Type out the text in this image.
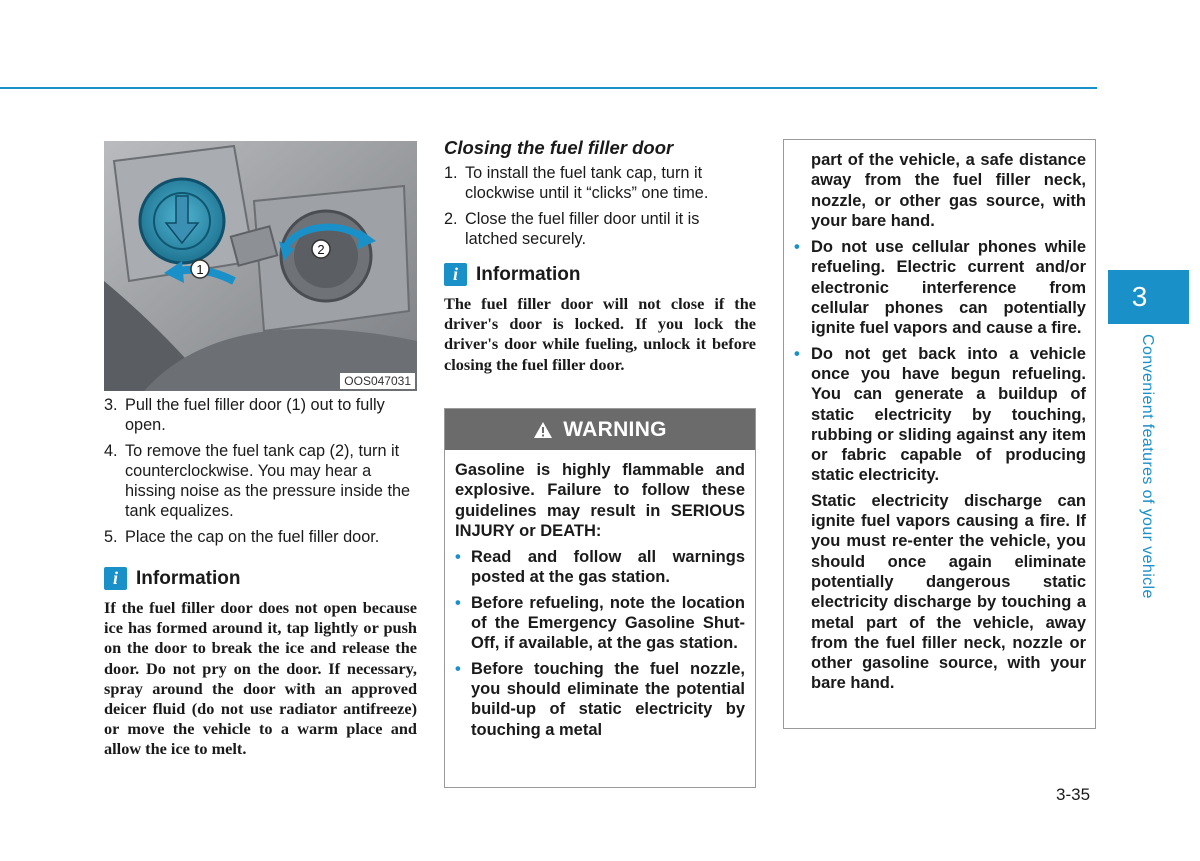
1
2
OOS047031
3. Pull the fuel filler door (1) out to fully open.
4. To remove the fuel tank cap (2), turn it counterclockwise. You may hear a hissing noise as the pressure inside the tank equalizes.
5. Place the cap on the fuel filler door.
i Information

If the fuel filler door does not open because ice has formed around it, tap lightly or push on the door to break the ice and release the door. Do not pry on the door. If necessary, spray around the door with an approved deicer fluid (do not use radiator antifreeze) or move the vehicle to a warm place and allow the ice to melt.

Closing the fuel filler door
1. To install the fuel tank cap, turn it clockwise until it “clicks” one time.
2. Close the fuel filler door until it is latched securely.
i Information

The fuel filler door will not close if the driver's door is locked. If you lock the driver's door while fueling, unlock it before closing the fuel filler door.

WARNING

Gasoline is highly flammable and explosive. Failure to follow these guidelines may result in SERIOUS INJURY or DEATH:

• Read and follow all warnings posted at the gas station.
• Before refueling, note the location of the Emergency Gasoline Shut-Off, if available, at the gas station.
• Before touching the fuel nozzle, you should eliminate the potential build-up of static electricity by touching a metal

part of the vehicle, a safe distance away from the fuel filler neck, nozzle, or other gas source, with your bare hand.

• Do not use cellular phones while refueling. Electric current and/or electronic interference from cellular phones can potentially ignite fuel vapors and cause a fire.
• Do not get back into a vehicle once you have begun refueling. You can generate a buildup of static electricity by touching, rubbing or sliding against any item or fabric capable of producing static electricity.

Static electricity discharge can ignite fuel vapors causing a fire. If you must re-enter the vehicle, you should once again eliminate potentially dangerous static electricity discharge by touching a metal part of the vehicle, away from the fuel filler neck, nozzle or other gasoline source, with your bare hand.

3
Convenient features of your vehicle
3-35
